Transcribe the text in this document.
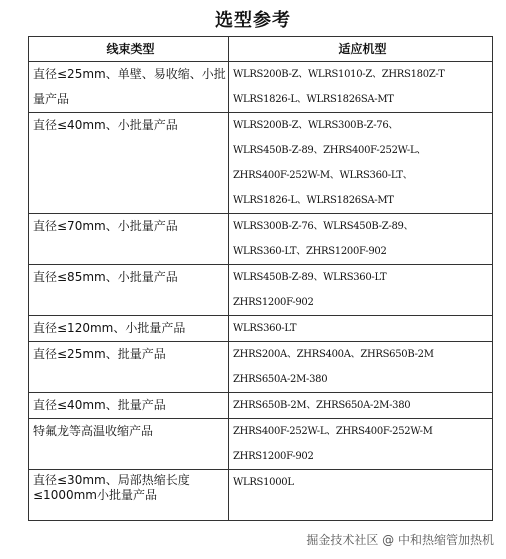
选型参考
线束类型	适应机型
直径≤25mm、单壁、易收缩、小批量产品	WLRS200B-Z、WLRS1010-Z、ZHRS180Z-T
WLRS1826-L、WLRS1826SA-MT

直径≤40mm、小批量产品	WLRS200B-Z、WLRS300B-Z-76、
WLRS450B-Z-89、ZHRS400F-252W-L、
ZHRS400F-252W-M、WLRS360-LT、
WLRS1826-L、WLRS1826SA-MT

直径≤70mm、小批量产品	WLRS300B-Z-76、WLRS450B-Z-89、
WLRS360-LT、ZHRS1200F-902

直径≤85mm、小批量产品	WLRS450B-Z-89、WLRS360-LT
ZHRS1200F-902

直径≤120mm、小批量产品	WLRS360-LT

直径≤25mm、批量产品	ZHRS200A、ZHRS400A、ZHRS650B-2M
ZHRS650A-2M-380

直径≤40mm、批量产品	ZHRS650B-2M、ZHRS650A-2M-380

特氟龙等高温收缩产品	ZHRS400F-252W-L、ZHRS400F-252W-M
ZHRS1200F-902

直径≤30mm、局部热缩长度≤1000mm小批量产品	WLRS1000L
掘金技术社区 @ 中和热缩管加热机
